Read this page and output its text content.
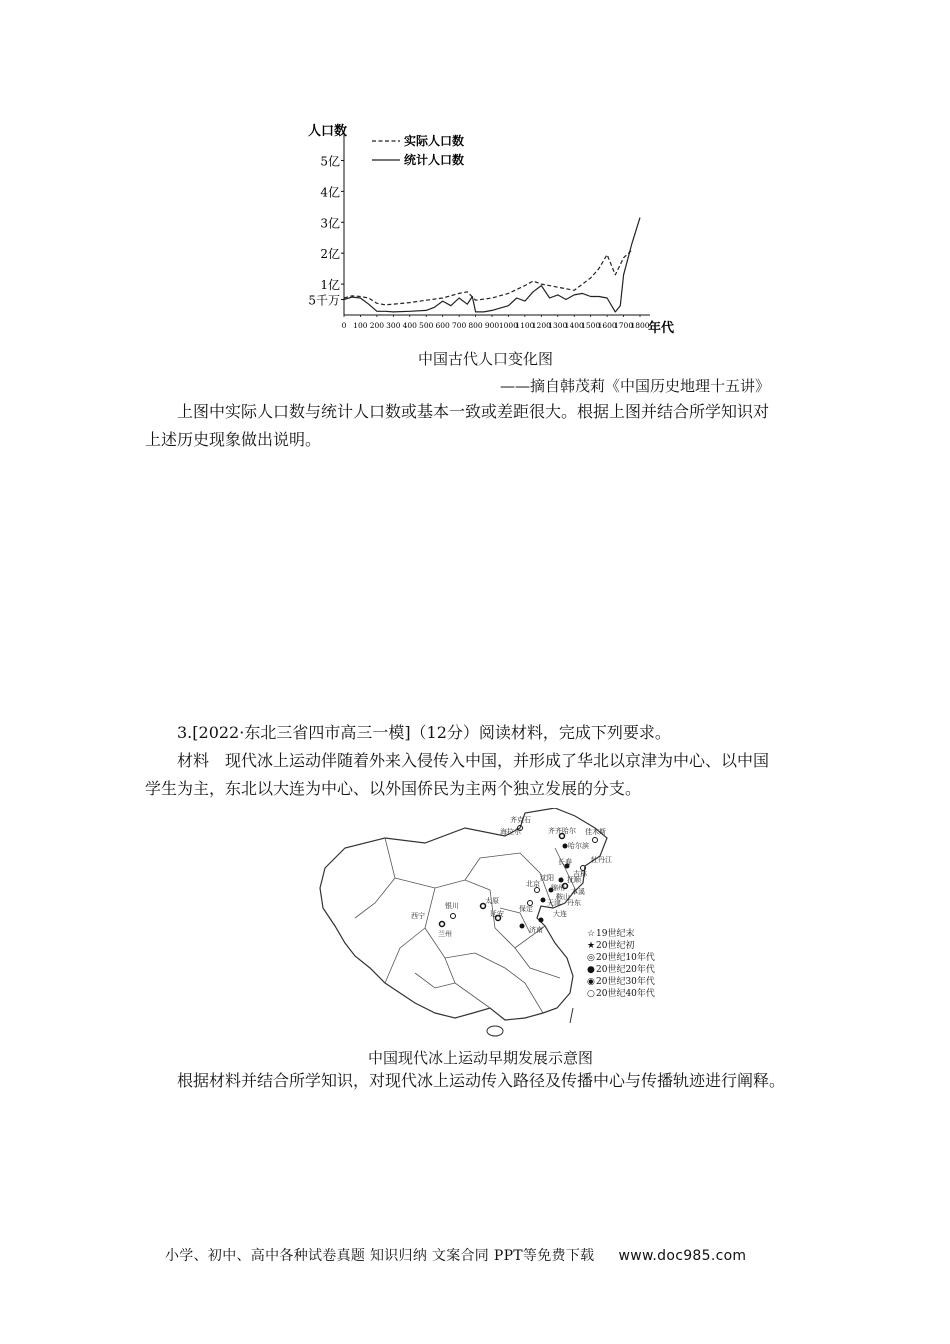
人口数
年代
5千万
1亿
2亿
3亿
4亿
5亿
0 100 200 300 400 500 600 700 800 900 1000
1100
1200
1300
1400
1500
1600
1700
1800
实际人口数
统计人口数
中国古代人口变化图
——摘自韩茂莉《中国历史地理十五讲》
上图中实际人口数与统计人口数或基本一致或差距很大。根据上图并结合所学知识对
上述历史现象做出说明。
3.[2022·东北三省四市高三一模]（12分）阅读材料，完成下列要求。
材料　现代冰上运动伴随着外来入侵传入中国，并形成了华北以京津为中心、以中国
学生为主，东北以大连为中心、以外国侨民为主两个独立发展的分支。
齐克石
海拉尔	齐齐哈尔 佳木斯
哈尔滨
牡丹江
长春
吉林
沈阳 抚顺
锦州
鞍山
本溪
丹东
北京
天津
保定
大连
济南
太原
延安
银川
西宁
兰州	☆ 19世纪末
★ 20世纪初
◎ 20世纪10年代
● 20世纪20年代
◉ 20世纪30年代
○ 20世纪40年代
中国现代冰上运动早期发展示意图
根据材料并结合所学知识，对现代冰上运动传入路径及传播中心与传播轨迹进行阐释。
小学、初中、高中各种试卷真题 知识归纳 文案合同 PPT等免费下载 www.doc985.com
